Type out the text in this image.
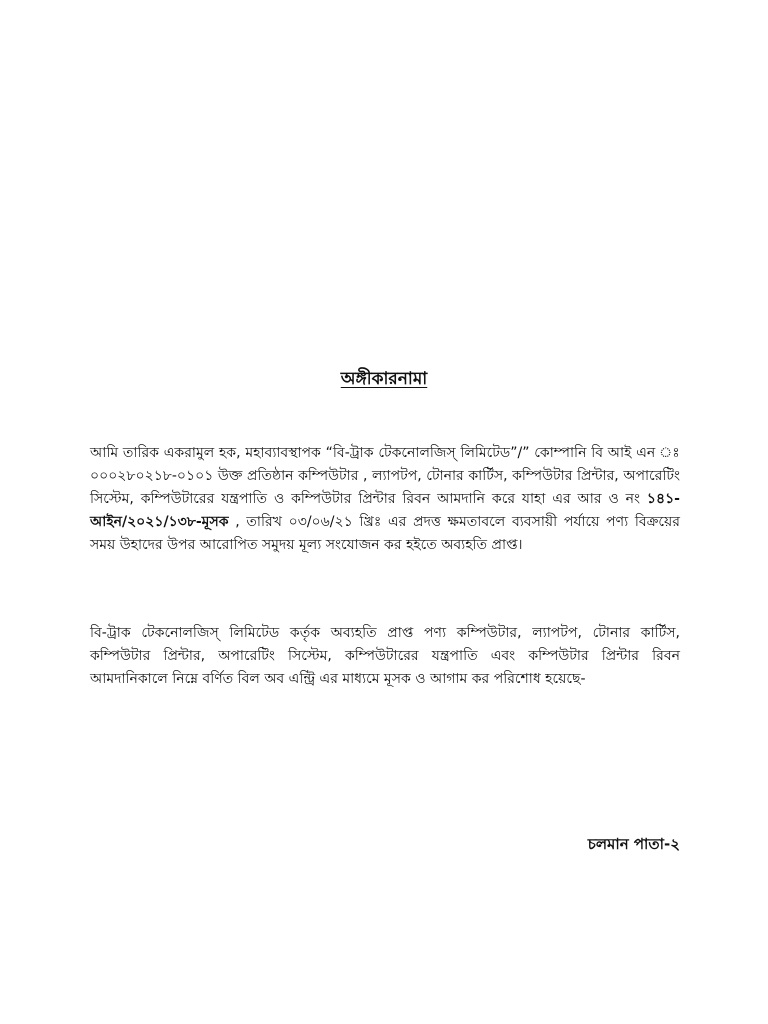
অঙ্গীকারনামা

আমি তারিক একরামুল হক, মহাব্যাবস্থাপক “বি-ট্রাক টেকনোলজিস্ লিমিটেড”/” কোম্পানি বি আই এন ঃ ০০০২৮০২১৮-০১০১ উক্ত প্রতিষ্ঠান কম্পিউটার , ল্যাপটপ, টোনার কার্টিস, কম্পিউটার প্রিন্টার, অপারেটিং সিস্টেম, কম্পিউটারের যন্ত্রপাতি ও কম্পিউটার প্রিন্টার রিবন আমদানি করে যাহা এর আর ও নং ১৪১-আইন/২০২১/১৩৮-মূসক , তারিখ ০৩/০৬/২১ খ্রিঃ এর প্রদত্ত ক্ষমতাবলে ব্যবসায়ী পর্যায়ে পণ্য বিক্রয়ের সময় উহাদের উপর আরোপিত সমুদয় মূল্য সংযোজন কর হইতে অব্যহতি প্রাপ্ত।

বি-ট্রাক টেকনোলজিস্ লিমিটেড কর্তৃক অব্যহতি প্রাপ্ত পণ্য কম্পিউটার, ল্যাপটপ, টোনার কার্টিস, কম্পিউটার প্রিন্টার, অপারেটিং সিস্টেম, কম্পিউটারের যন্ত্রপাতি এবং কম্পিউটার প্রিন্টার রিবন আমদানিকালে নিম্নে বর্ণিত বিল অব এন্ট্রি এর মাধ্যমে মূসক ও আগাম কর পরিশোধ হয়েছে-

চলমান পাতা-২
